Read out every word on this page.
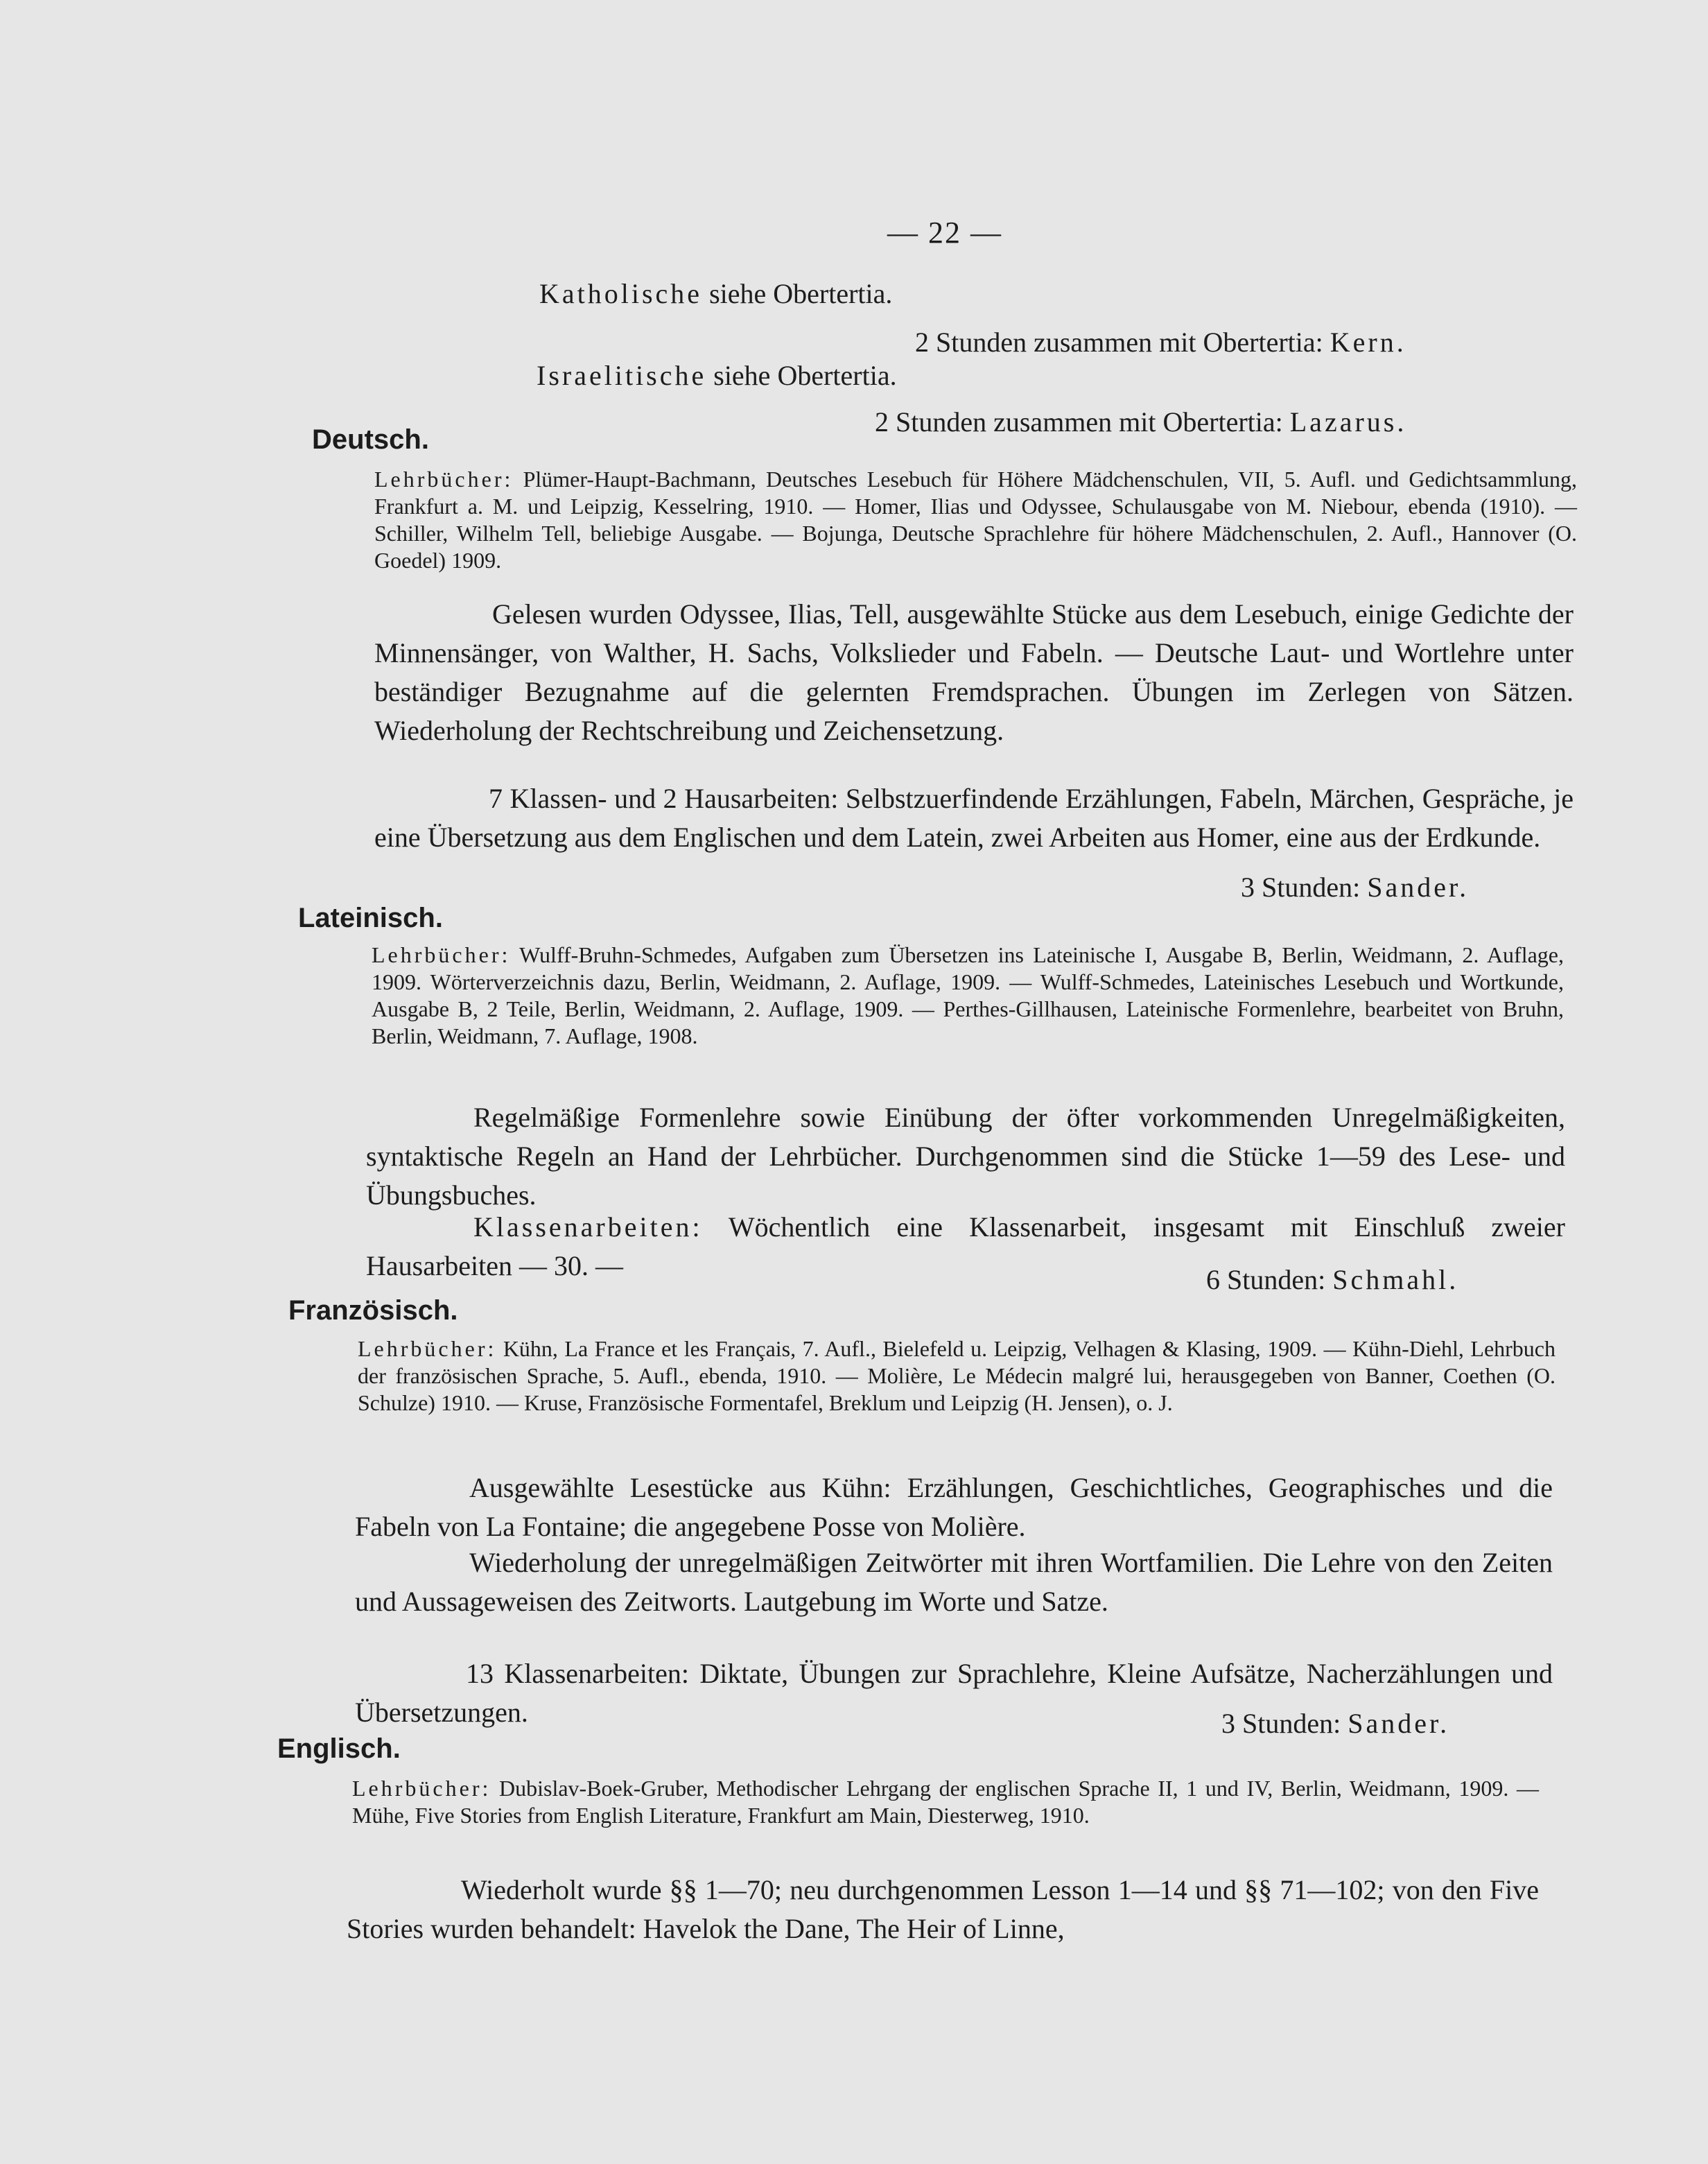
— 22 —
Katholische siehe Obertertia.
2 Stunden zusammen mit Obertertia: Kern.
Israelitische siehe Obertertia.
2 Stunden zusammen mit Obertertia: Lazarus.
Deutsch.
Lehrbücher: Plümer-Haupt-Bachmann, Deutsches Lesebuch für Höhere Mädchenschulen, VII, 5. Aufl. und Gedichtsammlung, Frankfurt a. M. und Leipzig, Kesselring, 1910. — Homer, Ilias und Odyssee, Schulausgabe von M. Niebour, ebenda (1910). — Schiller, Wilhelm Tell, beliebige Ausgabe. — Bojunga, Deutsche Sprachlehre für höhere Mädchenschulen, 2. Aufl., Hannover (O. Goedel) 1909.
Gelesen wurden Odyssee, Ilias, Tell, ausgewählte Stücke aus dem Lesebuch, einige Gedichte der Minnensänger, von Walther, H. Sachs, Volkslieder und Fabeln. — Deutsche Laut- und Wortlehre unter beständiger Bezugnahme auf die gelernten Fremdsprachen. Übungen im Zerlegen von Sätzen. Wiederholung der Rechtschreibung und Zeichensetzung.
7 Klassen- und 2 Hausarbeiten: Selbstzuerfindende Erzählungen, Fabeln, Märchen, Gespräche, je eine Übersetzung aus dem Englischen und dem Latein, zwei Arbeiten aus Homer, eine aus der Erdkunde.
3 Stunden: Sander.
Lateinisch.
Lehrbücher: Wulff-Bruhn-Schmedes, Aufgaben zum Übersetzen ins Lateinische I, Ausgabe B, Berlin, Weidmann, 2. Auflage, 1909. Wörterverzeichnis dazu, Berlin, Weidmann, 2. Auflage, 1909. — Wulff-Schmedes, Lateinisches Lesebuch und Wortkunde, Ausgabe B, 2 Teile, Berlin, Weidmann, 2. Auflage, 1909. — Perthes-Gillhausen, Lateinische Formenlehre, bearbeitet von Bruhn, Berlin, Weidmann, 7. Auflage, 1908.
Regelmäßige Formenlehre sowie Einübung der öfter vorkommenden Unregelmäßigkeiten, syntaktische Regeln an Hand der Lehrbücher. Durchgenommen sind die Stücke 1—59 des Lese- und Übungsbuches.
Klassenarbeiten: Wöchentlich eine Klassenarbeit, insgesamt mit Einschluß zweier Hausarbeiten — 30. —	6 Stunden: Schmahl.
Französisch.
Lehrbücher: Kühn, La France et les Français, 7. Aufl., Bielefeld u. Leipzig, Velhagen & Klasing, 1909. — Kühn-Diehl, Lehrbuch der französischen Sprache, 5. Aufl., ebenda, 1910. — Molière, Le Médecin malgré lui, herausgegeben von Banner, Coethen (O. Schulze) 1910. — Kruse, Französische Formentafel, Breklum und Leipzig (H. Jensen), o. J.
Ausgewählte Lesestücke aus Kühn: Erzählungen, Geschichtliches, Geographisches und die Fabeln von La Fontaine; die angegebene Posse von Molière.
Wiederholung der unregelmäßigen Zeitwörter mit ihren Wortfamilien. Die Lehre von den Zeiten und Aussageweisen des Zeitworts. Lautgebung im Worte und Satze.
13 Klassenarbeiten: Diktate, Übungen zur Sprachlehre, Kleine Aufsätze, Nacherzählungen und Übersetzungen.	3 Stunden: Sander.
Englisch.
Lehrbücher: Dubislav-Boek-Gruber, Methodischer Lehrgang der englischen Sprache II, 1 und IV, Berlin, Weidmann, 1909. — Mühe, Five Stories from English Literature, Frankfurt am Main, Diesterweg, 1910.
Wiederholt wurde §§ 1—70; neu durchgenommen Lesson 1—14 und §§ 71—102; von den Five Stories wurden behandelt: Havelok the Dane, The Heir of Linne,
